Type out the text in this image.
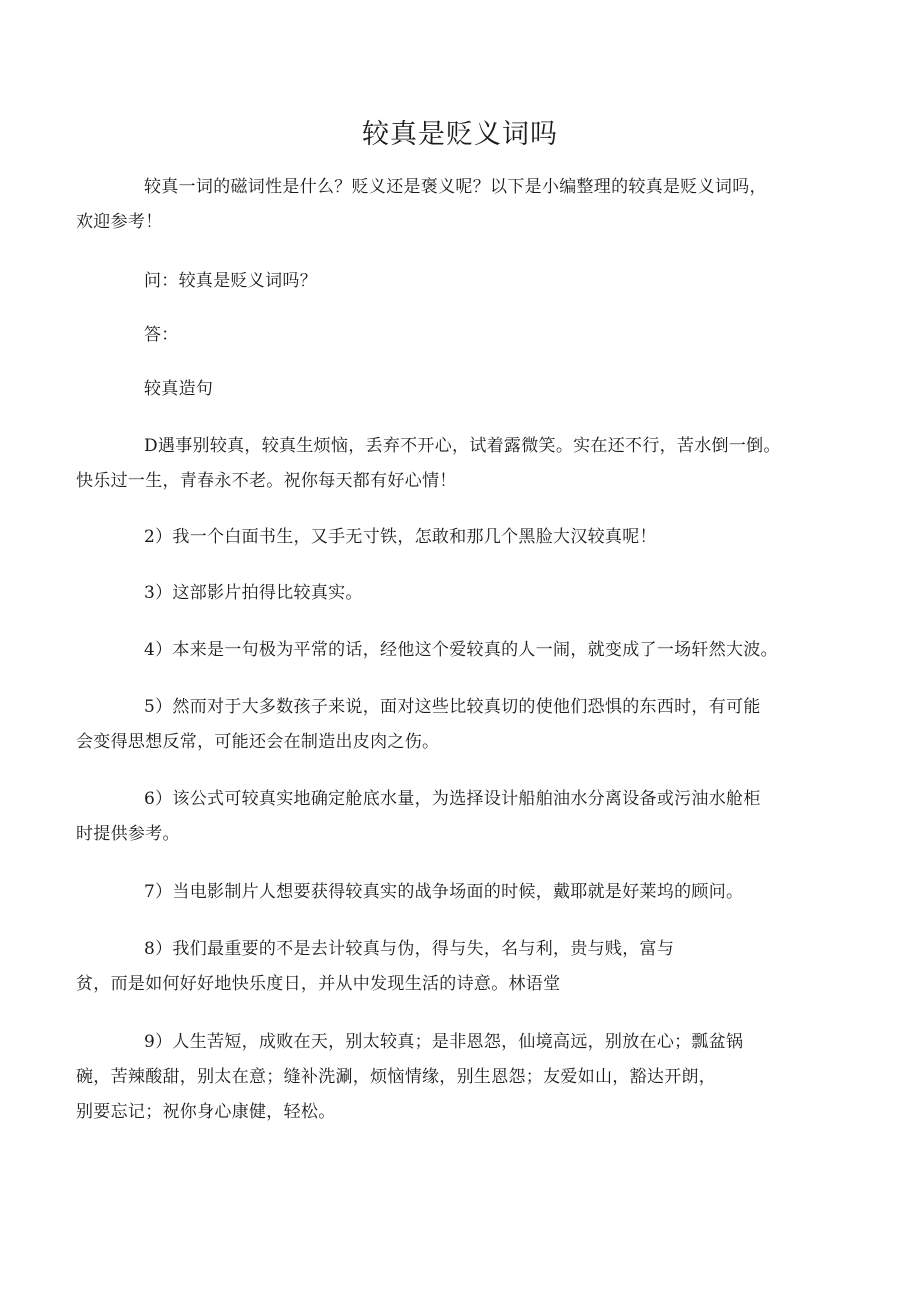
较真是贬义词吗

较真一词的磁词性是什么？贬义还是褒义呢？以下是小编整理的较真是贬义词吗，
欢迎参考！

问：较真是贬义词吗？

答：

较真造句

D遇事别较真，较真生烦恼，丢弃不开心，试着露微笑。实在还不行，苦水倒一倒。
快乐过一生，青春永不老。祝你每天都有好心情！

2）我一个白面书生，又手无寸铁，怎敢和那几个黑脸大汉较真呢！

3）这部影片拍得比较真实。

4）本来是一句极为平常的话，经他这个爱较真的人一闹，就变成了一场轩然大波。

5）然而对于大多数孩子来说，面对这些比较真切的使他们恐惧的东西时，有可能
会变得思想反常，可能还会在制造出皮肉之伤。

6）该公式可较真实地确定舱底水量，为选择设计船舶油水分离设备或污油水舱柜
时提供参考。

7）当电影制片人想要获得较真实的战争场面的时候，戴耶就是好莱坞的顾问。

8）我们最重要的不是去计较真与伪，得与失，名与利，贵与贱，富与
贫，而是如何好好地快乐度日，并从中发现生活的诗意。林语堂

9）人生苦短，成败在天，别太较真；是非恩怨，仙境高远，别放在心；瓢盆锅
碗，苦辣酸甜，别太在意；缝补洗涮，烦恼情缘，别生恩怨；友爱如山，豁达开朗，
别要忘记；祝你身心康健，轻松。
